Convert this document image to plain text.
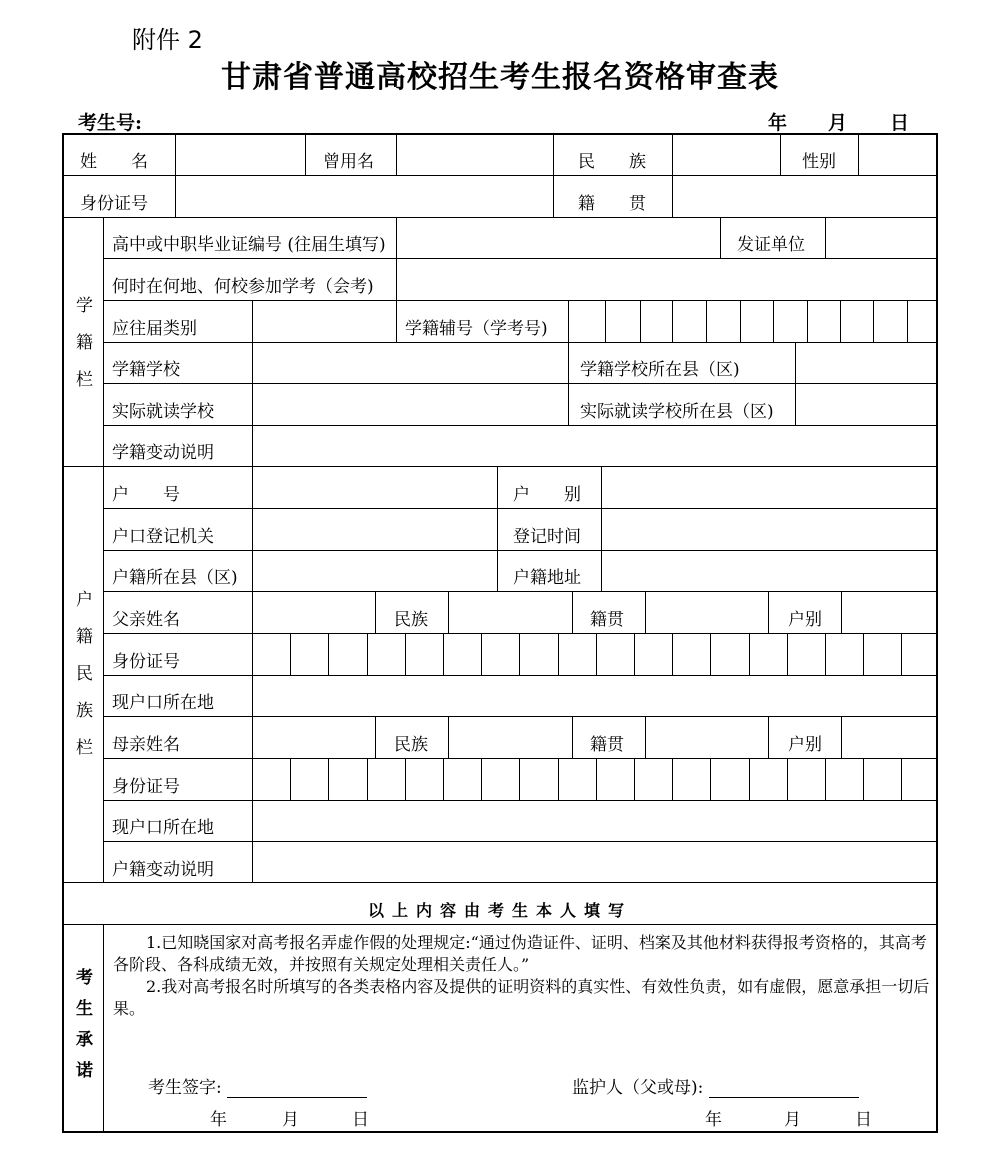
附件 2
甘肃省普通高校招生考生报名资格审查表
考生号:	年 月 日
姓　　名	曾用名	民　　族	性别
身份证号	籍　　贯
学籍栏
高中或中职毕业证编号 (往届生填写)	发证单位
何时在何地、何校参加学考（会考)
应往届类别	学籍辅号（学考号)
学籍学校	学籍学校所在县（区)
实际就读学校	实际就读学校所在县（区)
学籍变动说明
户籍民族栏
户　　号	户　　别
户口登记机关	登记时间
户籍所在县（区)	户籍地址
父亲姓名	民族	籍贯	户别
身份证号
现户口所在地
母亲姓名	民族	籍贯	户别
身份证号
现户口所在地
户籍变动说明
以上内容由考生本人填写
考生承诺

1.已知晓国家对高考报名弄虚作假的处理规定:“通过伪造证件、证明、档案及其他材料获得报考资格的，其高考各阶段、各科成绩无效，并按照有关规定处理相关责任人。”

2.我对高考报名时所填写的各类表格内容及提供的证明资料的真实性、有效性负责，如有虚假，愿意承担一切后果。

考生签字:	监护人（父或母):
年	月	日	年	月	日
